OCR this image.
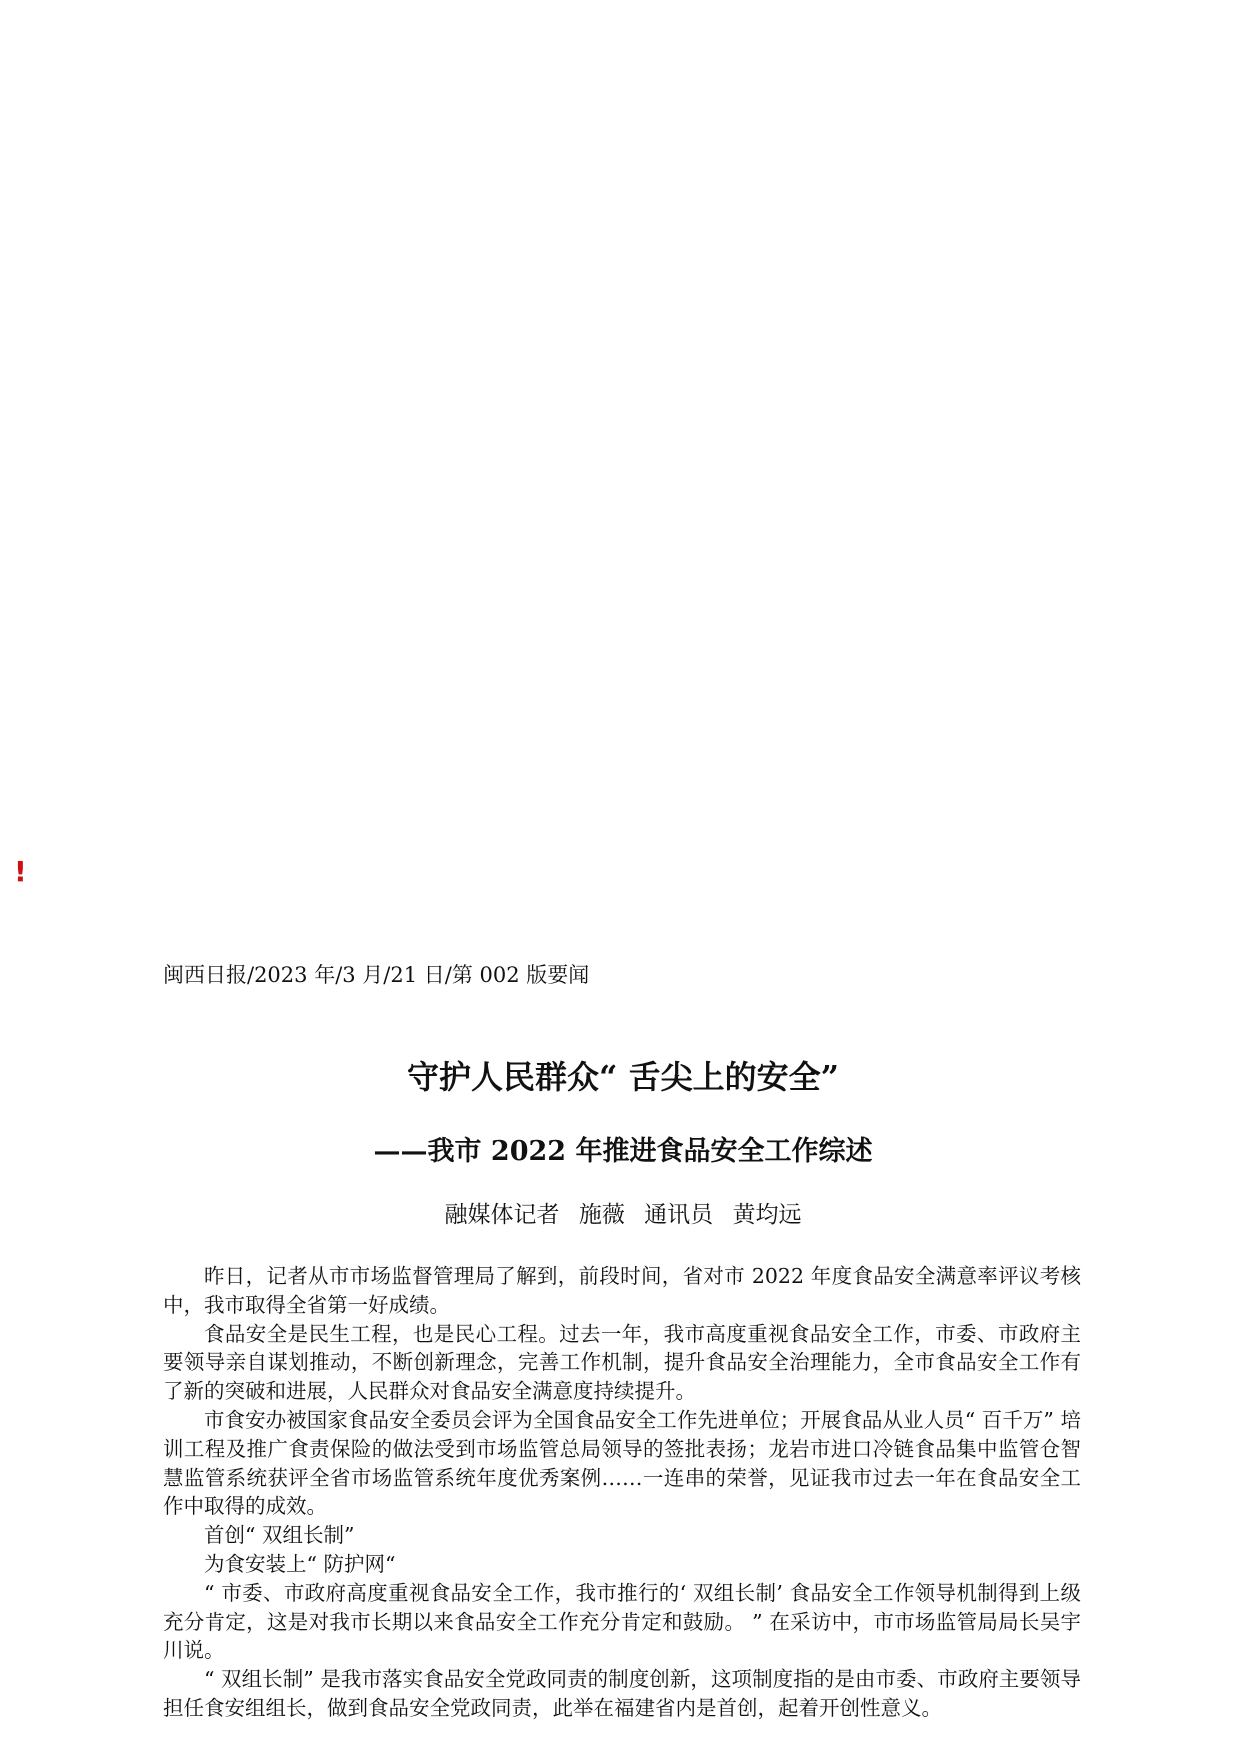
!
闽西日报/2023 年/3 月/21 日/第 002 版要闻
守护人民群众“ 舌尖上的安全”
——我市 2022 年推进食品安全工作综述
融媒体记者 施薇 通讯员 黄均远

昨日，记者从市市场监督管理局了解到，前段时间，省对市 2022 年度食品安全满意率评议考核中，我市取得全省第一好成绩。

食品安全是民生工程，也是民心工程。过去一年，我市高度重视食品安全工作，市委、市政府主要领导亲自谋划推动，不断创新理念，完善工作机制，提升食品安全治理能力，全市食品安全工作有了新的突破和进展，人民群众对食品安全满意度持续提升。

市食安办被国家食品安全委员会评为全国食品安全工作先进单位；开展食品从业人员“ 百千万” 培训工程及推广食责保险的做法受到市场监管总局领导的签批表扬；龙岩市进口冷链食品集中监管仓智慧监管系统获评全省市场监管系统年度优秀案例……一连串的荣誉，见证我市过去一年在食品安全工作中取得的成效。

首创“ 双组长制”

为食安装上“ 防护网“

“ 市委、市政府高度重视食品安全工作，我市推行的‘ 双组长制’ 食品安全工作领导机制得到上级充分肯定，这是对我市长期以来食品安全工作充分肯定和鼓励。 ” 在采访中，市市场监管局局长吴宇川说。

“ 双组长制” 是我市落实食品安全党政同责的制度创新，这项制度指的是由市委、市政府主要领导担任食安组组长，做到食品安全党政同责，此举在福建省内是首创，起着开创性意义。
